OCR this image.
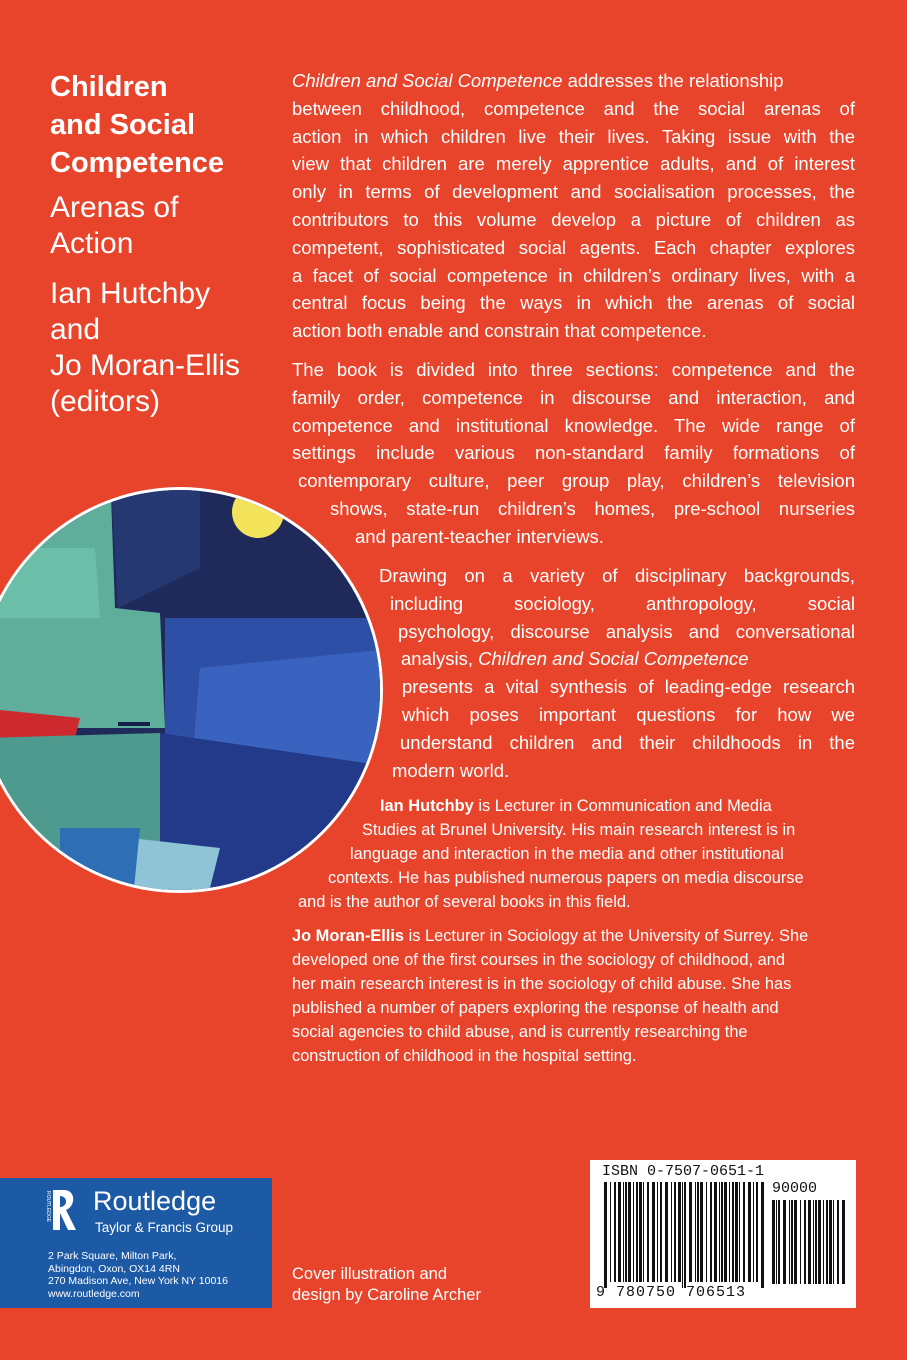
Children
and Social
Competence
Arenas of
Action
Ian Hutchby
and
Jo Moran-Ellis
(editors)
Children and Social Competence addresses the relationship
between childhood, competence and the social arenas of
action in which children live their lives. Taking issue with the
view that children are merely apprentice adults, and of interest
only in terms of development and socialisation processes, the
contributors to this volume develop a picture of children as
competent, sophisticated social agents. Each chapter explores
a facet of social competence in children’s ordinary lives, with a
central focus being the ways in which the arenas of social
action both enable and constrain that competence.
The book is divided into three sections: competence and the
family order, competence in discourse and interaction, and
competence and institutional knowledge. The wide range of
settings include various non-standard family formations of
contemporary culture, peer group play, children’s television
shows, state-run children’s homes, pre-school nurseries
and parent-teacher interviews.
Drawing on a variety of disciplinary backgrounds,
including sociology, anthropology, social
psychology, discourse analysis and conversational
analysis, Children and Social Competence
presents a vital synthesis of leading-edge research
which poses important questions for how we
understand children and their childhoods in the
modern world.
Ian Hutchby is Lecturer in Communication and Media
Studies at Brunel University. His main research interest is in
language and interaction in the media and other institutional
contexts. He has published numerous papers on media discourse
and is the author of several books in this field.
Jo Moran-Ellis is Lecturer in Sociology at the University of Surrey. She
developed one of the first courses in the sociology of childhood, and
her main research interest is in the sociology of child abuse. She has
published a number of papers exploring the response of health and
social agencies to child abuse, and is currently researching the
construction of childhood in the hospital setting.
ROUTLEDGE Routledge
Taylor & Francis Group
2 Park Square, Milton Park,
Abingdon, Oxon, OX14 4RN
270 Madison Ave, New York NY 10016
www.routledge.com
Cover illustration and
design by Caroline Archer
ISBN 0-7507-0651-1
90000
9 780750 706513
